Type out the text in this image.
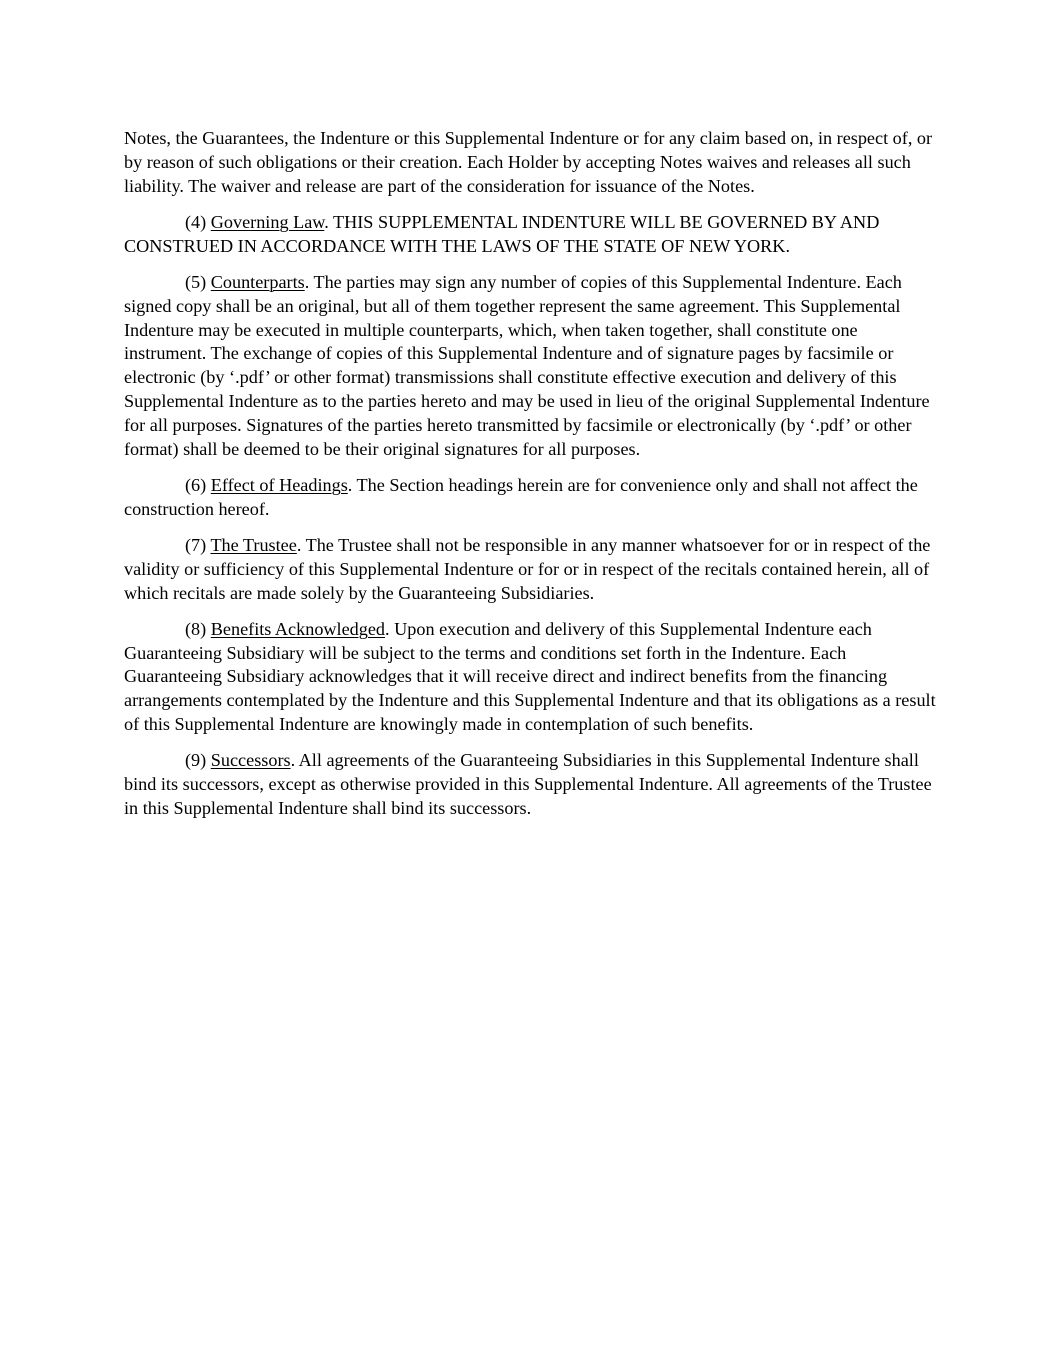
Notes, the Guarantees, the Indenture or this Supplemental Indenture or for any claim based on, in respect of, or by reason of such obligations or their creation. Each Holder by accepting Notes waives and releases all such liability. The waiver and release are part of the consideration for issuance of the Notes.

(4) Governing Law. THIS SUPPLEMENTAL INDENTURE WILL BE GOVERNED BY AND CONSTRUED IN ACCORDANCE WITH THE LAWS OF THE STATE OF NEW YORK.

(5) Counterparts. The parties may sign any number of copies of this Supplemental Indenture. Each signed copy shall be an original, but all of them together represent the same agreement. This Supplemental Indenture may be executed in multiple counterparts, which, when taken together, shall constitute one instrument. The exchange of copies of this Supplemental Indenture and of signature pages by facsimile or electronic (by ‘.pdf’ or other format) transmissions shall constitute effective execution and delivery of this Supplemental Indenture as to the parties hereto and may be used in lieu of the original Supplemental Indenture for all purposes. Signatures of the parties hereto transmitted by facsimile or electronically (by ‘.pdf’ or other format) shall be deemed to be their original signatures for all purposes.

(6) Effect of Headings. The Section headings herein are for convenience only and shall not affect the construction hereof.

(7) The Trustee. The Trustee shall not be responsible in any manner whatsoever for or in respect of the validity or sufficiency of this Supplemental Indenture or for or in respect of the recitals contained herein, all of which recitals are made solely by the Guaranteeing Subsidiaries.

(8) Benefits Acknowledged. Upon execution and delivery of this Supplemental Indenture each Guaranteeing Subsidiary will be subject to the terms and conditions set forth in the Indenture. Each Guaranteeing Subsidiary acknowledges that it will receive direct and indirect benefits from the financing arrangements contemplated by the Indenture and this Supplemental Indenture and that its obligations as a result of this Supplemental Indenture are knowingly made in contemplation of such benefits.

(9) Successors. All agreements of the Guaranteeing Subsidiaries in this Supplemental Indenture shall bind its successors, except as otherwise provided in this Supplemental Indenture. All agreements of the Trustee in this Supplemental Indenture shall bind its successors.
